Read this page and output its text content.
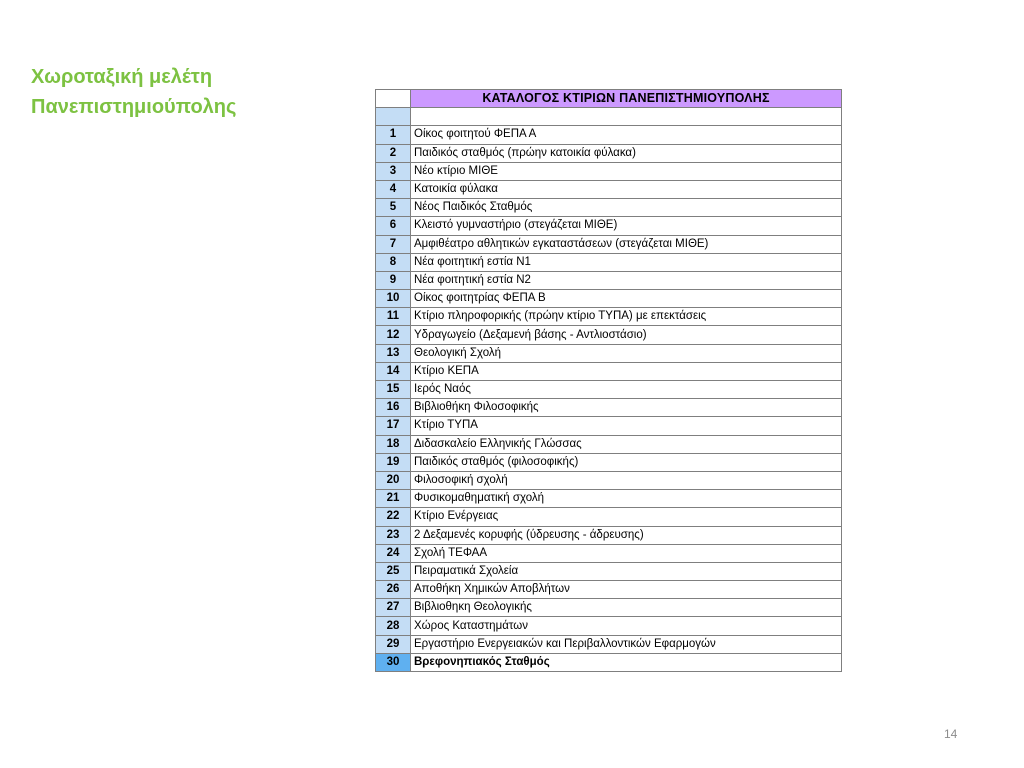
Χωροταξική μελέτη
Πανεπιστημιούπολης
		ΚΑΤΑΛΟΓΟΣ ΚΤΙΡΙΩΝ ΠΑΝΕΠΙΣΤΗΜΙΟΥΠΟΛΗΣ

1	Οίκος φοιτητού ΦΕΠΑ Α
2	Παιδικός σταθμός (πρώην κατοικία φύλακα)
3	Νέο κτίριο ΜΙΘΕ
4	Κατοικία φύλακα
5	Νέος Παιδικός Σταθμός
6	Κλειστό γυμναστήριο (στεγάζεται ΜΙΘΕ)
7	Αμφιθέατρο αθλητικών εγκαταστάσεων (στεγάζεται ΜΙΘΕ)
8	Νέα φοιτητική εστία Ν1
9	Νέα φοιτητική εστία Ν2
10	Οίκος φοιτητρίας ΦΕΠΑ Β
11	Κτίριο πληροφορικής (πρώην κτίριο ΤΥΠΑ) με επεκτάσεις
12	Υδραγωγείο (Δεξαμενή βάσης - Αντλιοστάσιο)
13	Θεολογική Σχολή
14	Κτίριο ΚΕΠΑ
15	Ιερός Ναός
16	Βιβλιοθήκη Φιλοσοφικής
17	Κτίριο ΤΥΠΑ
18	Διδασκαλείο Ελληνικής Γλώσσας
19	Παιδικός σταθμός (φιλοσοφικής)
20	Φιλοσοφική σχολή
21	Φυσικομαθηματική σχολή
22	Κτίριο Ενέργειας
23	2 Δεξαμενές κορυφής (ύδρευσης - άδρευσης)
24	Σχολή ΤΕΦΑΑ
25	Πειραματικά Σχολεία
26	Αποθήκη Χημικών Αποβλήτων
27	Βιβλιοθηκη Θεολογικής
28	Χώρος Καταστημάτων
29	Εργαστήριο Ενεργειακών και Περιβαλλοντικών Εφαρμογών
30	Βρεφονηπιακός Σταθμός
14
